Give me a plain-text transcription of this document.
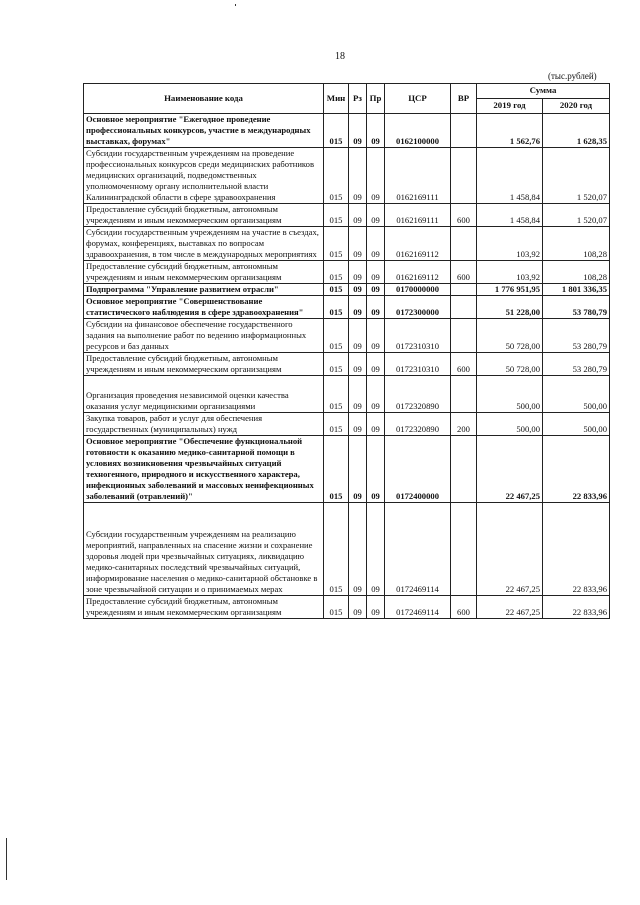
18
(тыс.рублей)
Наименование кода	Мин	Рз	Пр	ЦСР	ВР	Сумма	
						2019 год	2020 год
Основное мероприятие "Ежегодное проведение профессиональных конкурсов, участие в международных выставках, форумах"	015	09	09	0162100000		1 562,76	1 628,35
Субсидии государственным учреждениям на проведение профессиональных конкурсов среди медицинских работников медицинских организаций, подведомственных уполномоченному органу исполнительной власти Калининградской области в сфере здравоохранения	015	09	09	0162169111		1 458,84	1 520,07
Предоставление субсидий бюджетным, автономным учреждениям и иным некоммерческим организациям	015	09	09	0162169111	600	1 458,84	1 520,07
Субсидии государственным учреждениям на участие в съездах, форумах, конференциях, выставках по вопросам здравоохранения, в том числе в международных мероприятиях	015	09	09	0162169112		103,92	108,28
Предоставление субсидий бюджетным, автономным учреждениям и иным некоммерческим организациям	015	09	09	0162169112	600	103,92	108,28
Подпрограмма "Управление развитием отрасли"	015	09	09	0170000000		1 776 951,95	1 801 336,35
Основное мероприятие "Совершенствование статистического наблюдения в сфере здравоохранения"	015	09	09	0172300000		51 228,00	53 780,79
Субсидии на финансовое обеспечение государственного задания на выполнение работ по ведению информационных ресурсов и баз данных	015	09	09	0172310310		50 728,00	53 280,79
Предоставление субсидий бюджетным, автономным учреждениям и иным некоммерческим организациям	015	09	09	0172310310	600	50 728,00	53 280,79
Организация проведения независимой оценки качества оказания услуг медицинскими организациями	015	09	09	0172320890		500,00	500,00
Закупка товаров, работ и услуг для обеспечения государственных (муниципальных) нужд	015	09	09	0172320890	200	500,00	500,00
Основное мероприятие "Обеспечение функциональной готовности к оказанию медико-санитарной помощи в условиях возникновения чрезвычайных ситуаций техногенного, природного и искусственного характера, инфекционных заболеваний и массовых неинфекционных заболеваний (отравлений)"	015	09	09	0172400000		22 467,25	22 833,96
Субсидии государственным учреждениям на реализацию мероприятий, направленных на спасение жизни и сохранение здоровья людей при чрезвычайных ситуациях, ликвидацию медико-санитарных последствий чрезвычайных ситуаций, информирование населения о медико-санитарной обстановке в зоне чрезвычайной ситуации и о принимаемых мерах	015	09	09	0172469114		22 467,25	22 833,96
Предоставление субсидий бюджетным, автономным учреждениям и иным некоммерческим организациям	015	09	09	0172469114	600	22 467,25	22 833,96
